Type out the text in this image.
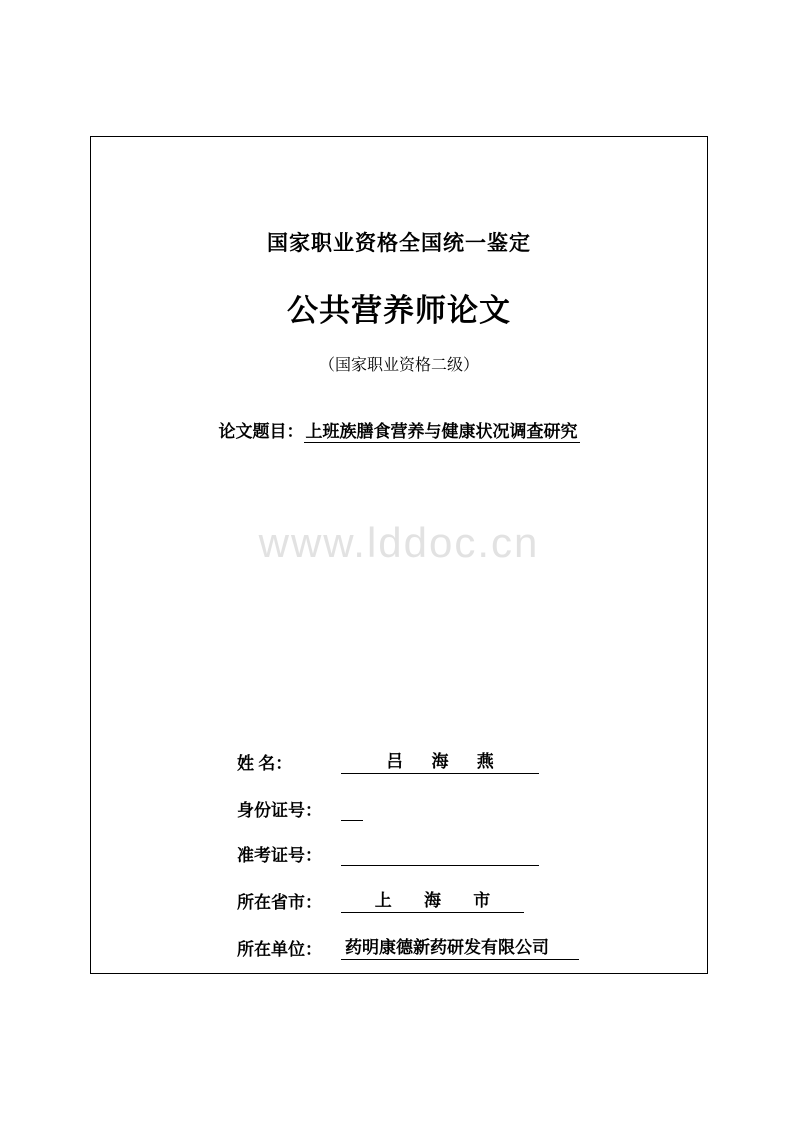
国家职业资格全国统一鉴定
公共营养师论文
（国家职业资格二级）
论文题目： 上班族膳食营养与健康状况调查研究
www.lddoc.cn
姓 名：	吕 海 燕
身份证号：
准考证号：
所在省市：	上 海 市
所在单位：	药明康德新药研发有限公司
